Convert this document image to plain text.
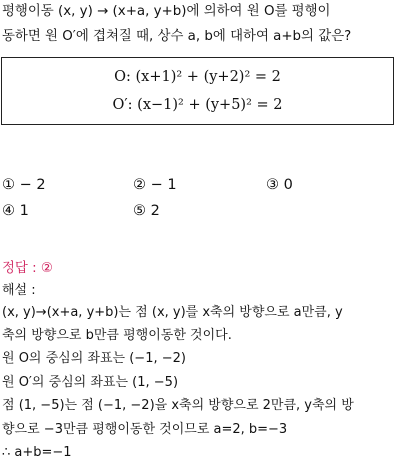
평행이동 (x, y) → (x+a, y+b)에 의하여 원 O를 평행이
동하면 원 O′에 겹쳐질 때, 상수 a, b에 대하여 a+b의 값은?
O: (x+1)² + (y+2)² = 2
O′: (x−1)² + (y+5)² = 2
① − 2	② − 1	③ 0
④ 1	⑤ 2
정답 : ②
해설 :
(x, y)→(x+a, y+b)는 점 (x, y)를 x축의 방향으로 a만큼, y
축의 방향으로 b만큼 평행이동한 것이다.
원 O의 중심의 좌표는 (−1, −2)
원 O′의 중심의 좌표는 (1, −5)
점 (1, −5)는 점 (−1, −2)을 x축의 방향으로 2만큼, y축의 방
향으로 −3만큼 평행이동한 것이므로 a=2, b=−3
∴ a+b=−1
